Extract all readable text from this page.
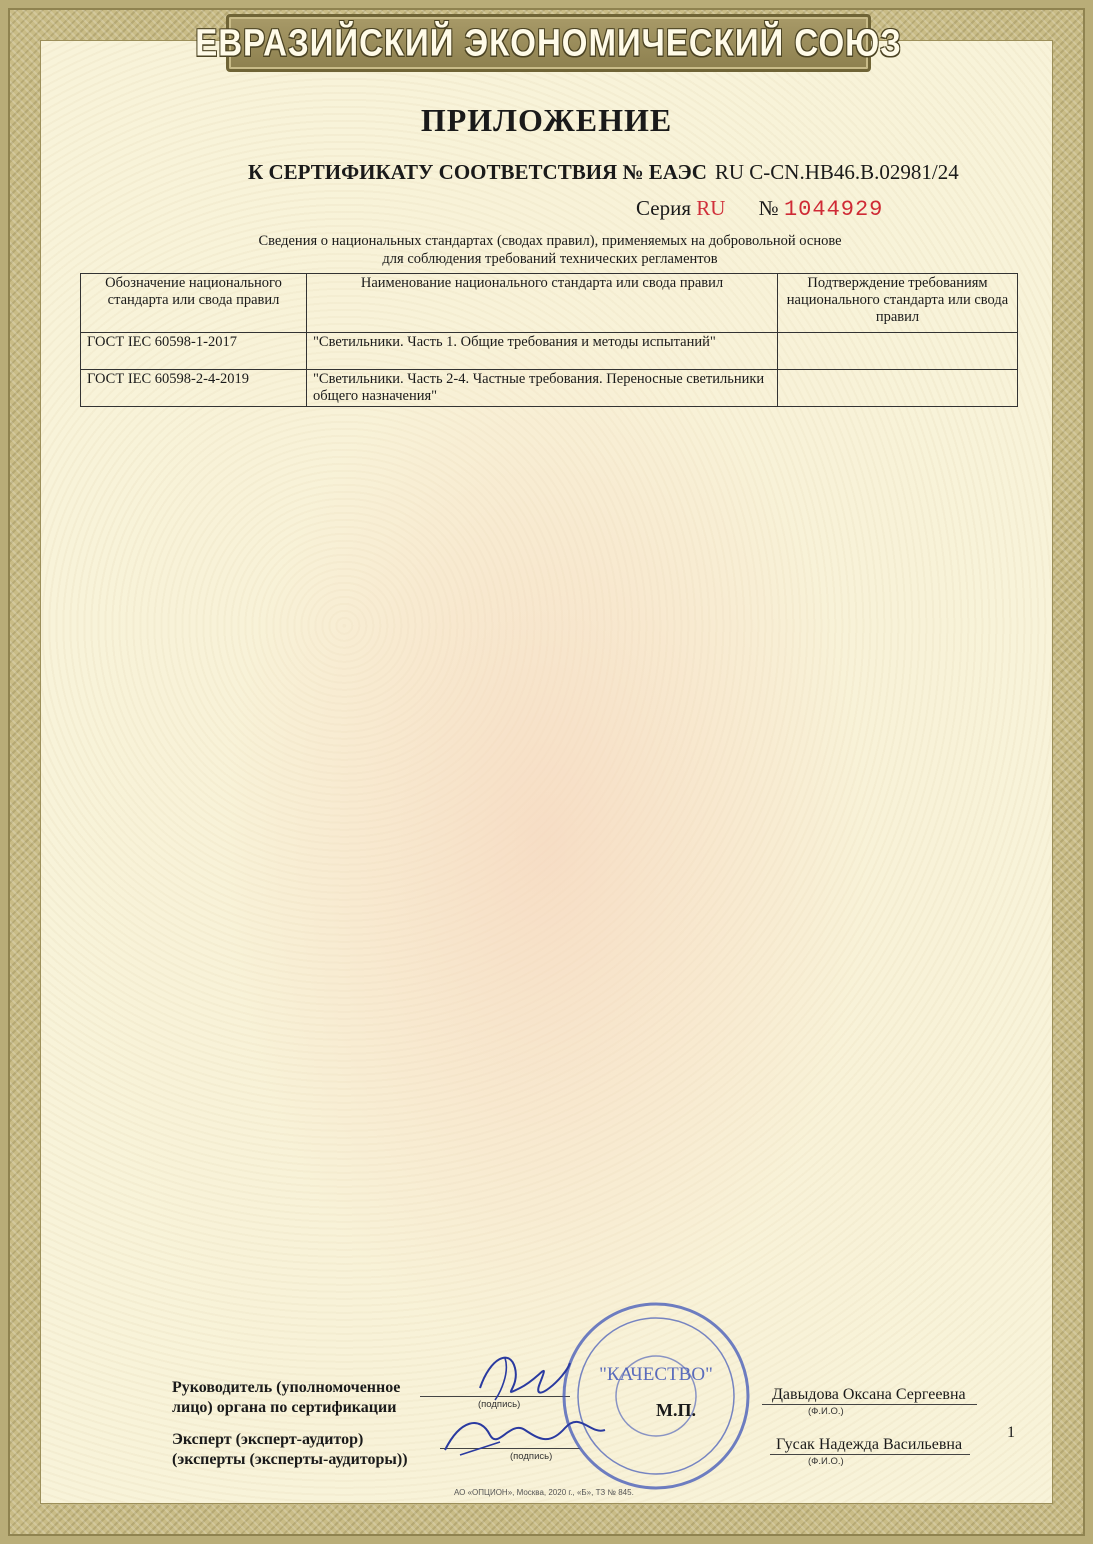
ЕВРАЗИЙСКИЙ ЭКОНОМИЧЕСКИЙ СОЮЗ
ПРИЛОЖЕНИЕ
К СЕРТИФИКАТУ СООТВЕТСТВИЯ № ЕАЭС RU C-CN.НВ46.В.02981/24
Серия RU № 1044929
Сведения о национальных стандартах (сводах правил), применяемых на добровольной основе
для соблюдения требований технических регламентов
Обозначение национального стандарта или свода правил	Наименование национального стандарта или свода правил	Подтверждение требованиям национального стандарта или свода правил
ГОСТ IEC 60598-1-2017	"Светильники. Часть 1. Общие требования и методы испытаний"	
ГОСТ IEC 60598-2-4-2019	"Светильники. Часть 2-4. Частные требования. Переносные светильники общего назначения"	
Руководитель (уполномоченное
лицо) органа по сертификации	(подпись)
Давыдова Оксана Сергеевна
(Ф.И.О.)
М.П.
Эксперт (эксперт-аудитор)
(эксперты (эксперты-аудиторы))	(подпись)
Гусак Надежда Васильевна
(Ф.И.О.)
"КАЧЕСТВО"
1
АО «ОПЦИОН», Москва, 2020 г., «Б», ТЗ № 845.
